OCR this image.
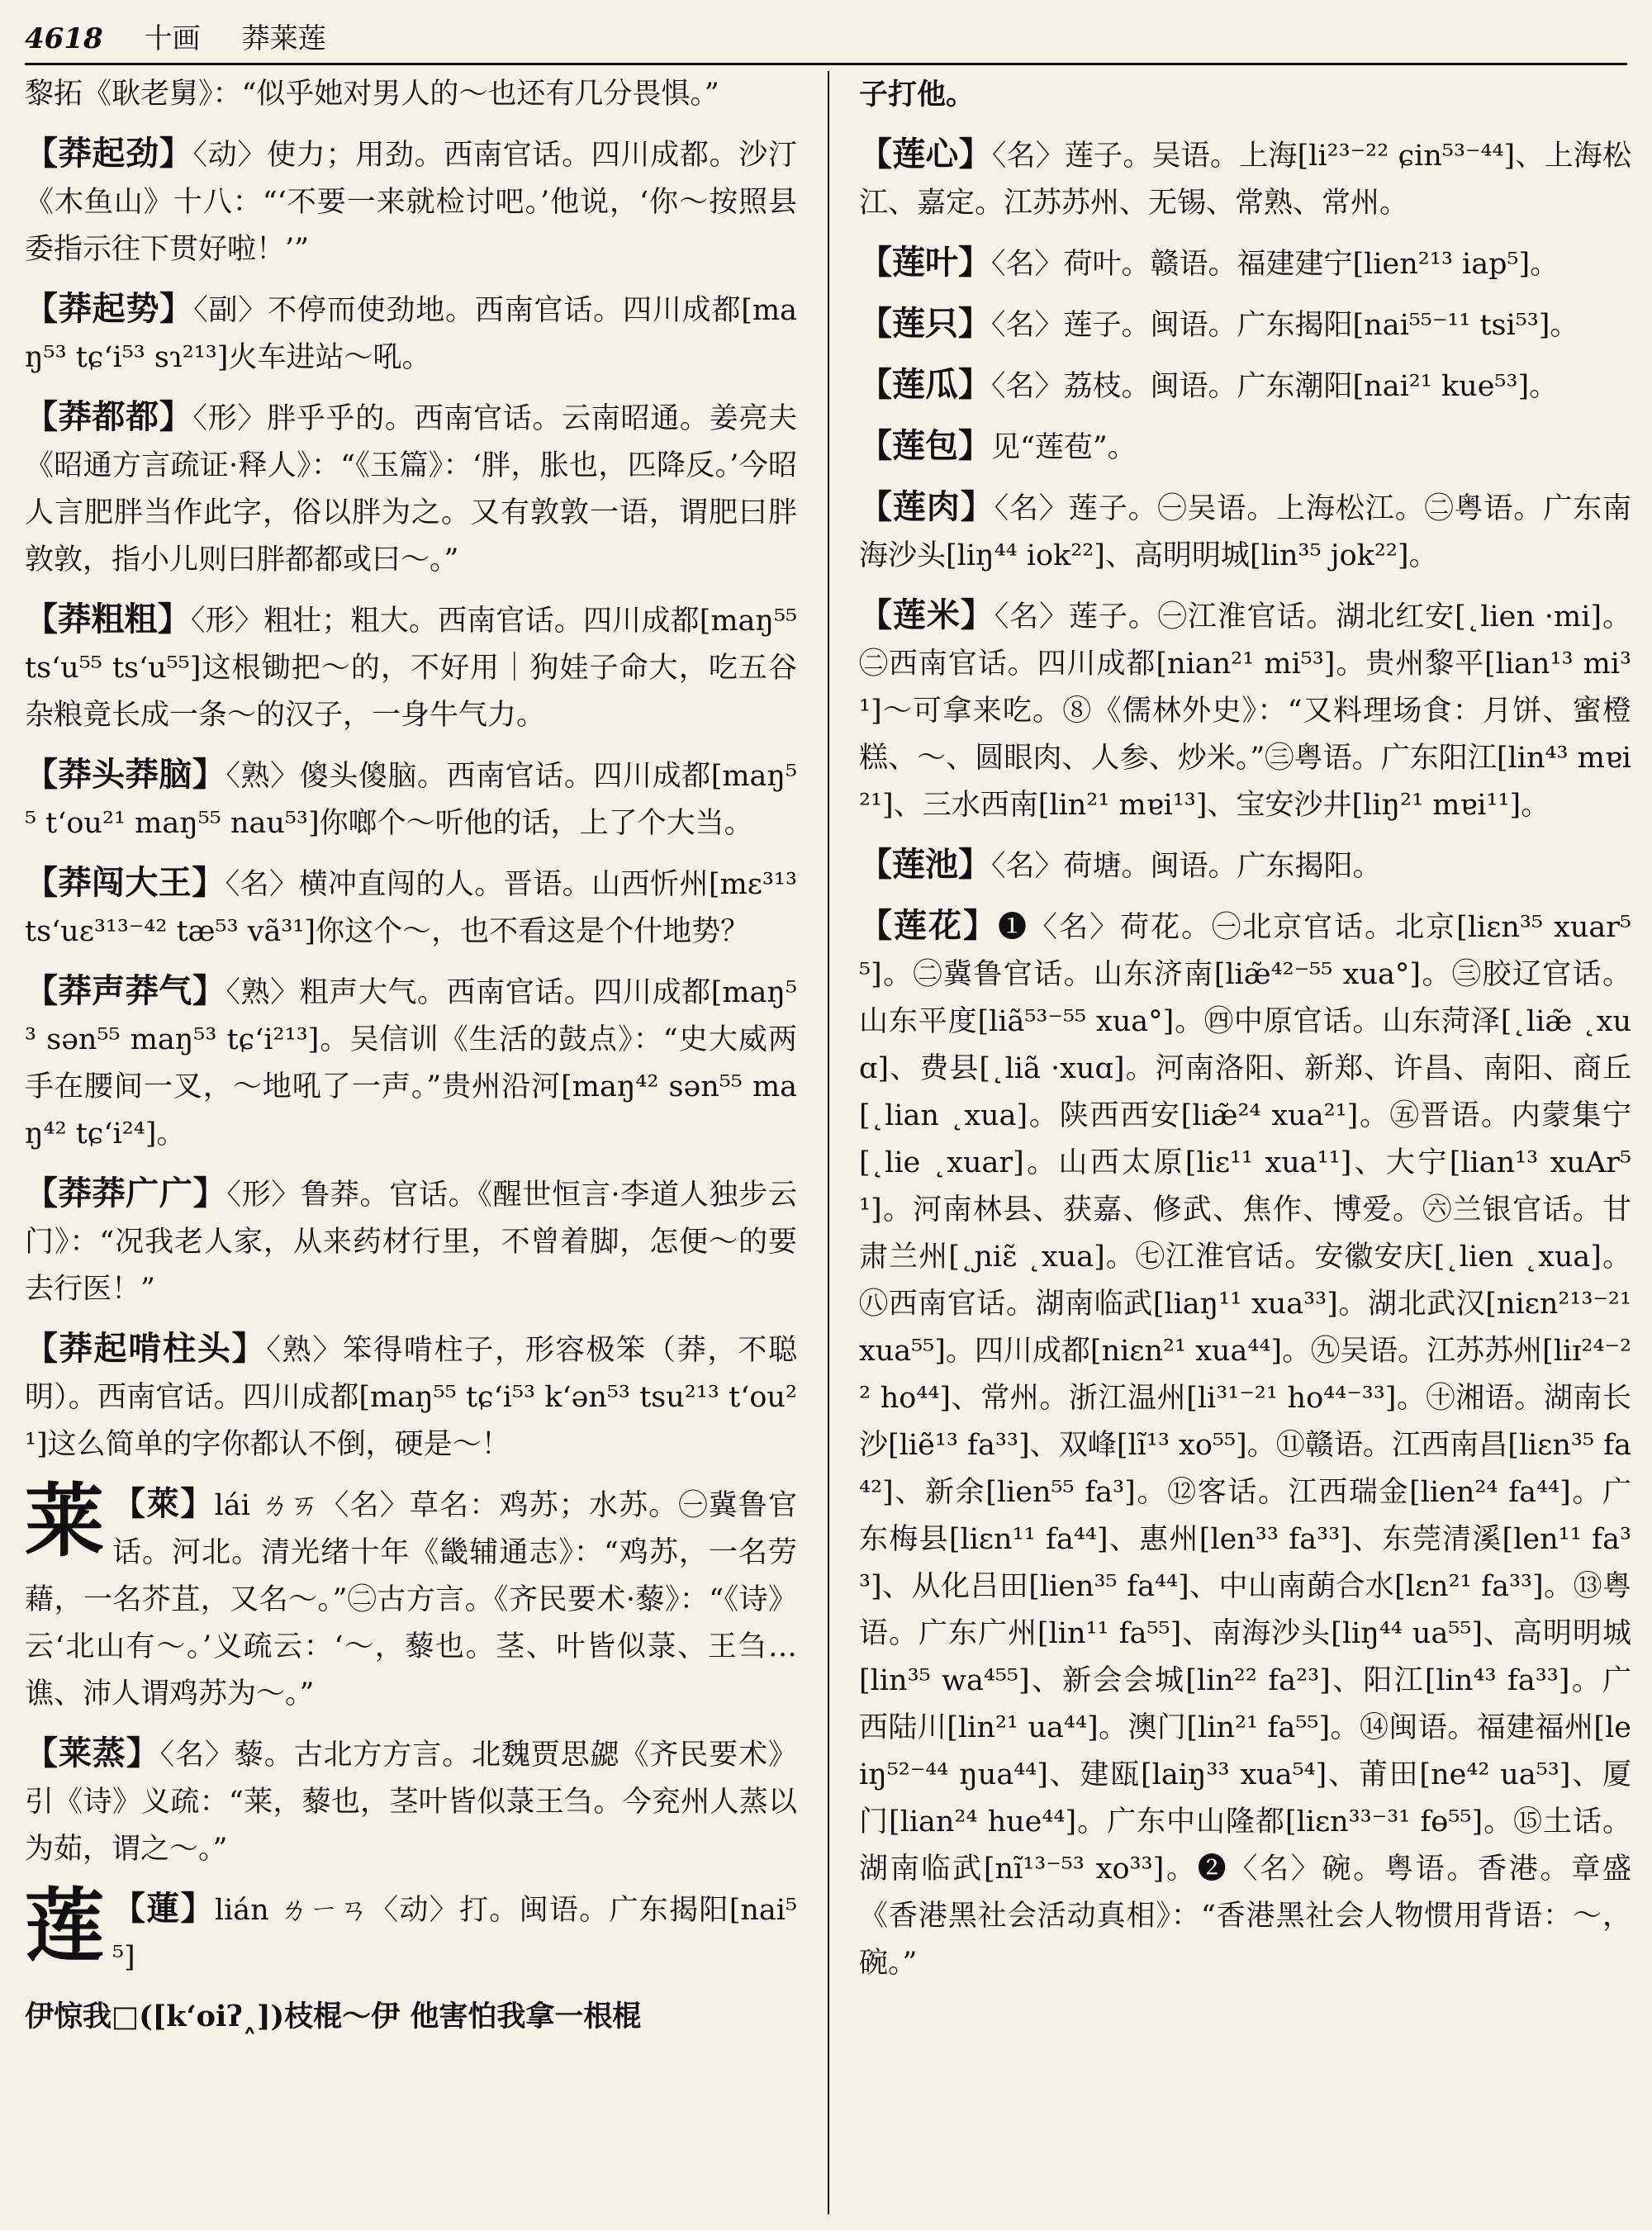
4618 十画 莽莱莲

黎拓《耿老舅》：“似乎她对男人的～也还有几分畏惧。”

【莽起劲】〈动〉使力；用劲。西南官话。四川成都。沙汀《木鱼山》十八：“‘不要一来就检讨吧。’他说，‘你～按照县委指示往下贯好啦！’”

【莽起势】〈副〉不停而使劲地。西南官话。四川成都[maŋ⁵³ tɕʻi⁵³ sɿ²¹³]火车进站～吼。

【莽都都】〈形〉胖乎乎的。西南官话。云南昭通。姜亮夫《昭通方言疏证·释人》：“《玉篇》：‘胖，胀也，匹降反。’今昭人言肥胖当作此字，俗以胖为之。又有敦敦一语，谓肥曰胖敦敦，指小儿则曰胖都都或曰～。”

【莽粗粗】〈形〉粗壮；粗大。西南官话。四川成都[maŋ⁵⁵ tsʻu⁵⁵ tsʻu⁵⁵]这根锄把～的，不好用｜狗娃子命大，吃五谷杂粮竟长成一条～的汉子，一身牛气力。

【莽头莽脑】〈熟〉傻头傻脑。西南官话。四川成都[maŋ⁵⁵ tʻou²¹ maŋ⁵⁵ nau⁵³]你啷个～听他的话，上了个大当。

【莽闯大王】〈名〉横冲直闯的人。晋语。山西忻州[mɛ³¹³ tsʻuɛ³¹³⁻⁴² tæ⁵³ vã³¹]你这个～，也不看这是个什地势？

【莽声莽气】〈熟〉粗声大气。西南官话。四川成都[maŋ⁵³ sən⁵⁵ maŋ⁵³ tɕʻi²¹³]。吴信训《生活的鼓点》：“史大威两手在腰间一叉，～地吼了一声。”贵州沿河[maŋ⁴² sən⁵⁵ maŋ⁴² tɕʻi²⁴]。

【莽莽广广】〈形〉鲁莽。官话。《醒世恒言·李道人独步云门》：“况我老人家，从来药材行里，不曾着脚，怎便～的要去行医！”

【莽起啃柱头】〈熟〉笨得啃柱子，形容极笨（莽，不聪明）。西南官话。四川成都[maŋ⁵⁵ tɕʻi⁵³ kʻən⁵³ tsu²¹³ tʻou²¹]这么简单的字你都认不倒，硬是～！

莱 【萊】lái ㄌㄞ〈名〉草名：鸡苏；水苏。㊀冀鲁官话。河北。清光绪十年《畿辅通志》：“鸡苏，一名劳藉，一名芥苴，又名～。”㊁古方言。《齐民要术·藜》：“《诗》云‘北山有～。’义疏云：‘～，藜也。茎、叶皆似菉、王刍…谯、沛人谓鸡苏为～。”

【莱蒸】〈名〉藜。古北方方言。北魏贾思勰《齐民要术》引《诗》义疏：“莱，藜也，茎叶皆似菉王刍。今兖州人蒸以为茹，谓之～。”

莲 【蓮】lián ㄌㄧㄢ〈动〉打。闽语。广东揭阳[nai⁵⁵]

伊惊我□([kʻoiʔ˰])枝棍～伊 他害怕我拿一根棍

子打他。

【莲心】〈名〉莲子。吴语。上海[li²³⁻²² ɕin⁵³⁻⁴⁴]、上海松江、嘉定。江苏苏州、无锡、常熟、常州。

【莲叶】〈名〉荷叶。赣语。福建建宁[lien²¹³ iap⁵]。

【莲只】〈名〉莲子。闽语。广东揭阳[nai⁵⁵⁻¹¹ tsi⁵³]。

【莲瓜】〈名〉荔枝。闽语。广东潮阳[nai²¹ kue⁵³]。

【莲包】见“莲苞”。

【莲肉】〈名〉莲子。㊀吴语。上海松江。㊁粤语。广东南海沙头[liŋ⁴⁴ iok²²]、高明明城[lin³⁵ jok²²]。

【莲米】〈名〉莲子。㊀江淮官话。湖北红安[˛lien ·mi]。㊁西南官话。四川成都[nian²¹ mi⁵³]。贵州黎平[lian¹³ mi³¹]～可拿来吃。⑧《儒林外史》：“又料理场食：月饼、蜜橙糕、～、圆眼肉、人参、炒米。”㊂粤语。广东阳江[lin⁴³ mɐi²¹]、三水西南[lin²¹ mɐi¹³]、宝安沙井[liŋ²¹ mɐi¹¹]。

【莲池】〈名〉荷塘。闽语。广东揭阳。

【莲花】❶〈名〉荷花。㊀北京官话。北京[liɛn³⁵ xuar⁵⁵]。㊁冀鲁官话。山东济南[liæ̃⁴²⁻⁵⁵ xua°]。㊂胶辽官话。山东平度[liã⁵³⁻⁵⁵ xua°]。㊃中原官话。山东菏泽[˛liæ̃ ˛xuɑ]、费县[˛liã ·xuɑ]。河南洛阳、新郑、许昌、南阳、商丘[˛lian ˛xua]。陕西西安[liæ̃²⁴ xua²¹]。㊄晋语。内蒙集宁[˛lie ˛xuar]。山西太原[liɛ¹¹ xua¹¹]、大宁[lian¹³ xuAr⁵¹]。河南林县、获嘉、修武、焦作、博爱。㊅兰银官话。甘肃兰州[˛ɲiɛ̃ ˛xua]。㊆江淮官话。安徽安庆[˛lien ˛xua]。㊇西南官话。湖南临武[liaŋ¹¹ xua³³]。湖北武汉[niɛn²¹³⁻²¹ xua⁵⁵]。四川成都[niɛn²¹ xua⁴⁴]。㊈吴语。江苏苏州[liɪ²⁴⁻²² ho⁴⁴]、常州。浙江温州[li³¹⁻²¹ ho⁴⁴⁻³³]。㊉湘语。湖南长沙[liẽ¹³ fa³³]、双峰[lĩ¹³ xo⁵⁵]。⑪赣语。江西南昌[liɛn³⁵ fa⁴²]、新余[lien⁵⁵ fa³]。⑫客话。江西瑞金[lien²⁴ fa⁴⁴]。广东梅县[liɛn¹¹ fa⁴⁴]、惠州[len³³ fa³³]、东莞清溪[len¹¹ fa³³]、从化吕田[lien³⁵ fa⁴⁴]、中山南蓢合水[lɛn²¹ fa³³]。⑬粤语。广东广州[lin¹¹ fa⁵⁵]、南海沙头[liŋ⁴⁴ ua⁵⁵]、高明明城[lin³⁵ wa⁴⁵⁵]、新会会城[lin²² fa²³]、阳江[lin⁴³ fa³³]。广西陆川[lin²¹ ua⁴⁴]。澳门[lin²¹ fa⁵⁵]。⑭闽语。福建福州[leiŋ⁵²⁻⁴⁴ ŋua⁴⁴]、建瓯[laiŋ³³ xua⁵⁴]、莆田[ne⁴² ua⁵³]、厦门[lian²⁴ hue⁴⁴]。广东中山隆都[liɛn³³⁻³¹ fɵ⁵⁵]。⑮土话。湖南临武[nĩ¹³⁻⁵³ xo³³]。❷〈名〉碗。粤语。香港。章盛《香港黑社会活动真相》：“香港黑社会人物惯用背语：～，碗。”
